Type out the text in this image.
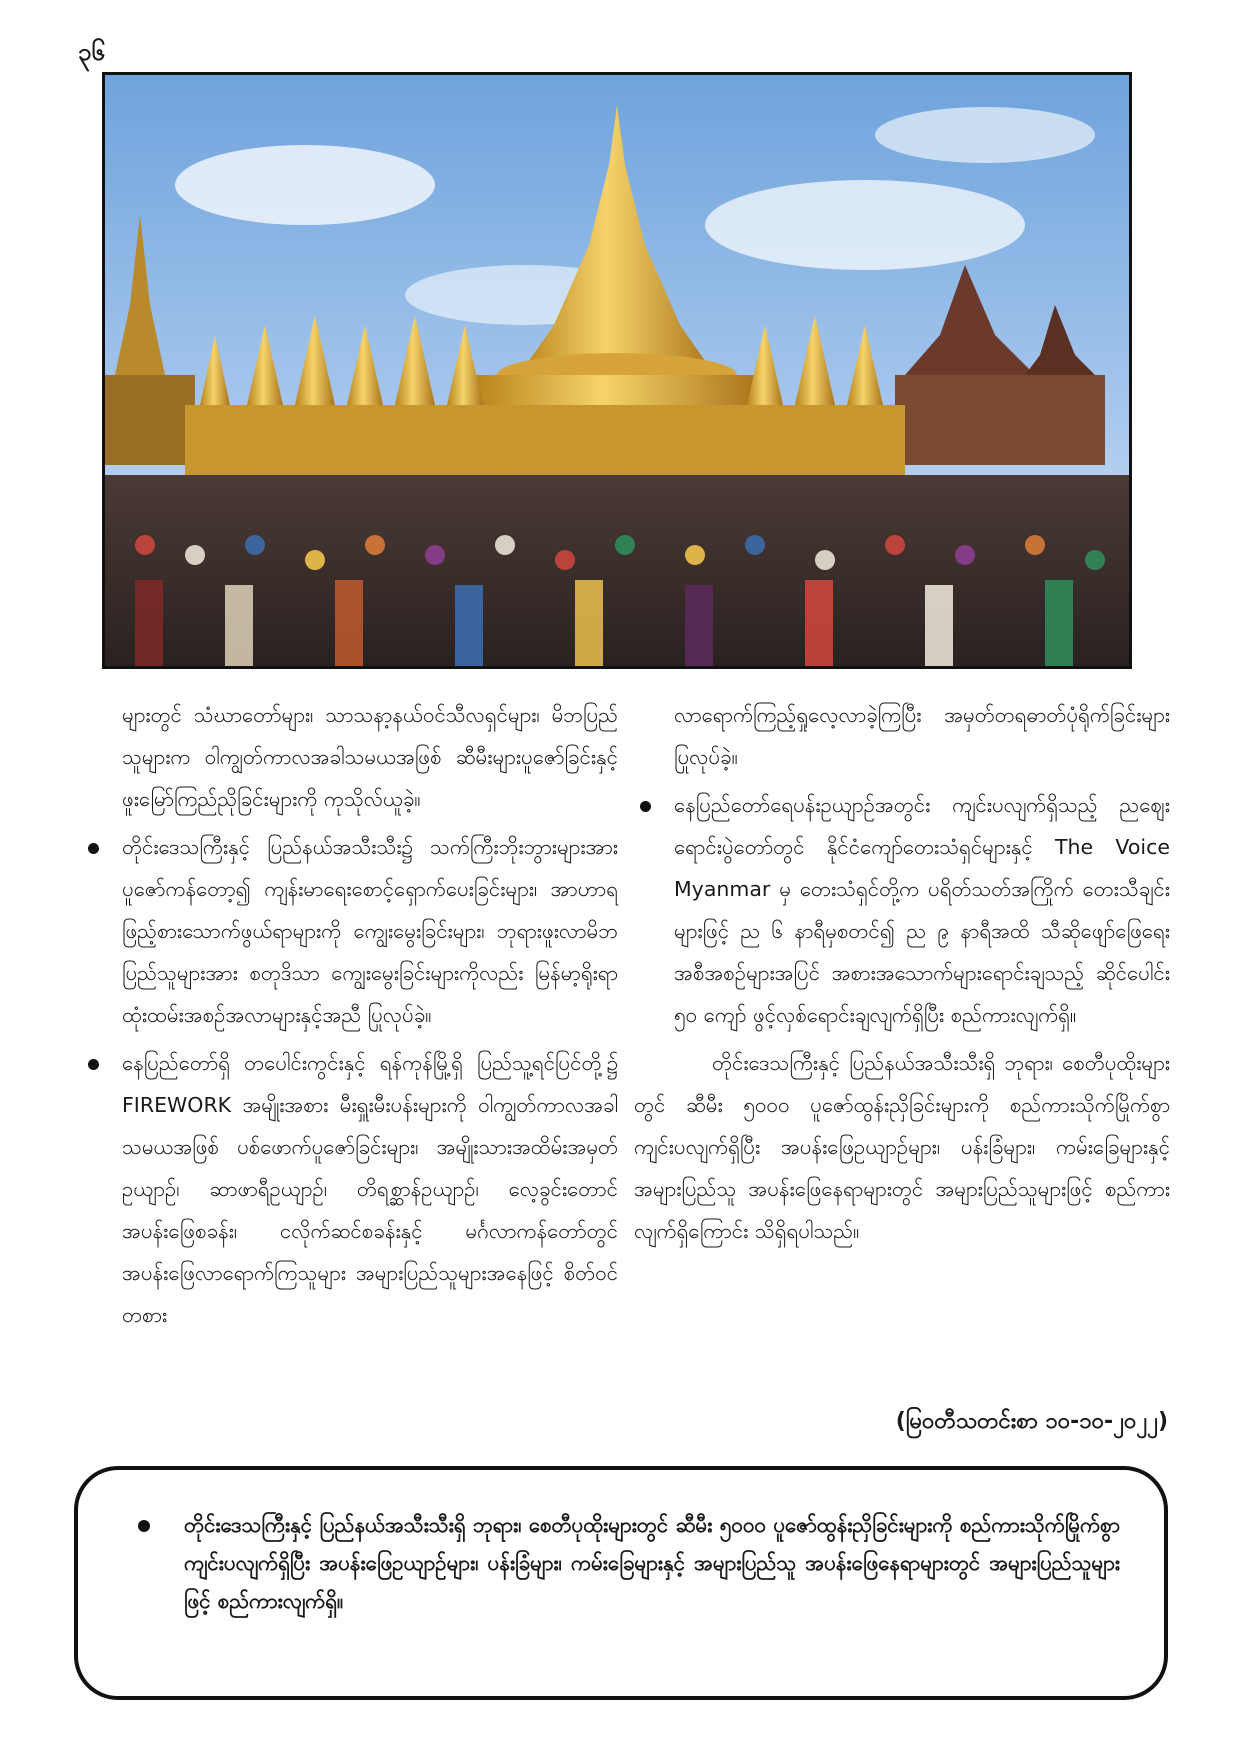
၃၆

များတွင် သံဃာတော်များ၊ သာသနာ့နယ်ဝင်သီလရှင်များ၊ မိဘပြည်သူများက ဝါကျွတ်ကာလအခါသမယအဖြစ် ဆီမီးများပူဇော်ခြင်းနှင့် ဖူးမြော်ကြည်ညိုခြင်းများကို ကုသိုလ်ယူခဲ့။

တိုင်းဒေသကြီးနှင့် ပြည်နယ်အသီးသီး၌ သက်ကြီးဘိုးဘွားများအား ပူဇော်ကန်တော့၍ ကျန်းမာရေးစောင့်ရှောက်ပေးခြင်းများ၊ အာဟာရဖြည့်စားသောက်ဖွယ်ရာများကို ကျွေးမွေးခြင်းများ၊ ဘုရားဖူးလာမိဘပြည်သူများအား စတုဒိသာ ကျွေးမွေးခြင်းများကိုလည်း မြန်မာ့ရိုးရာ ထုံးထမ်းအစဉ်အလာများနှင့်အညီ ပြုလုပ်ခဲ့။
နေပြည်တော်ရှိ တပေါင်းကွင်းနှင့် ရန်ကုန်မြို့ရှိ ပြည်သူ့ရင်ပြင်တို့၌ FIREWORK အမျိုးအစား မီးရှူးမီးပန်းများကို ဝါကျွတ်ကာလအခါသမယအဖြစ် ပစ်ဖောက်ပူဇော်ခြင်းများ၊ အမျိုးသားအထိမ်းအမှတ်ဥယျာဉ်၊ ဆာဖာရီဥယျာဉ်၊ တိရစ္ဆာန်ဥယျာဉ်၊ လေ့ခွင်းတောင်အပန်းဖြေစခန်း၊ ငလိုက်ဆင်စခန်းနှင့် မင်္ဂလာကန်တော်တွင် အပန်းဖြေလာရောက်ကြသူများ အများပြည်သူများအနေဖြင့် စိတ်ဝင်တစား

လာရောက်ကြည့်ရှုလေ့လာခဲ့ကြပြီး အမှတ်တရဓာတ်ပုံရိုက်ခြင်းများ ပြုလုပ်ခဲ့။

နေပြည်တော်ရေပန်းဥယျာဉ်အတွင်း ကျင်းပလျက်ရှိသည့် ညဈေးရောင်းပွဲတော်တွင် နိုင်ငံကျော်တေးသံရှင်များနှင့် The Voice Myanmar မှ တေးသံရှင်တို့က ပရိတ်သတ်အကြိုက် တေးသီချင်းများဖြင့် ည ၆ နာရီမှစတင်၍ ည ၉ နာရီအထိ သီဆိုဖျော်ဖြေရေးအစီအစဉ်များအပြင် အစားအသောက်များရောင်းချသည့် ဆိုင်ပေါင်း ၅၀ ကျော် ဖွင့်လှစ်ရောင်းချလျက်ရှိပြီး စည်ကားလျက်ရှိ။

တိုင်းဒေသကြီးနှင့် ပြည်နယ်အသီးသီးရှိ ဘုရား၊ စေတီပုထိုးများတွင် ဆီမီး ၅၀၀၀ ပူဇော်ထွန်းညှိခြင်းများကို စည်ကားသိုက်မြိုက်စွာ ကျင်းပလျက်ရှိပြီး အပန်းဖြေဥယျာဉ်များ၊ ပန်းခြံများ၊ ကမ်းခြေများနှင့် အများပြည်သူ အပန်းဖြေနေရာများတွင် အများပြည်သူများဖြင့် စည်ကားလျက်ရှိကြောင်း သိရှိရပါသည်။

(မြဝတီသတင်းစာ ၁၀-၁၀-၂၀၂၂)
တိုင်းဒေသကြီးနှင့် ပြည်နယ်အသီးသီးရှိ ဘုရား၊ စေတီပုထိုးများတွင် ဆီမီး ၅၀၀၀ ပူဇော်ထွန်းညှိခြင်းများကို စည်ကားသိုက်မြိုက်စွာ ကျင်းပလျက်ရှိပြီး အပန်းဖြေဥယျာဉ်များ၊ ပန်းခြံများ၊ ကမ်းခြေများနှင့် အများပြည်သူ အပန်းဖြေနေရာများတွင် အများပြည်သူများဖြင့် စည်ကားလျက်ရှိ။
